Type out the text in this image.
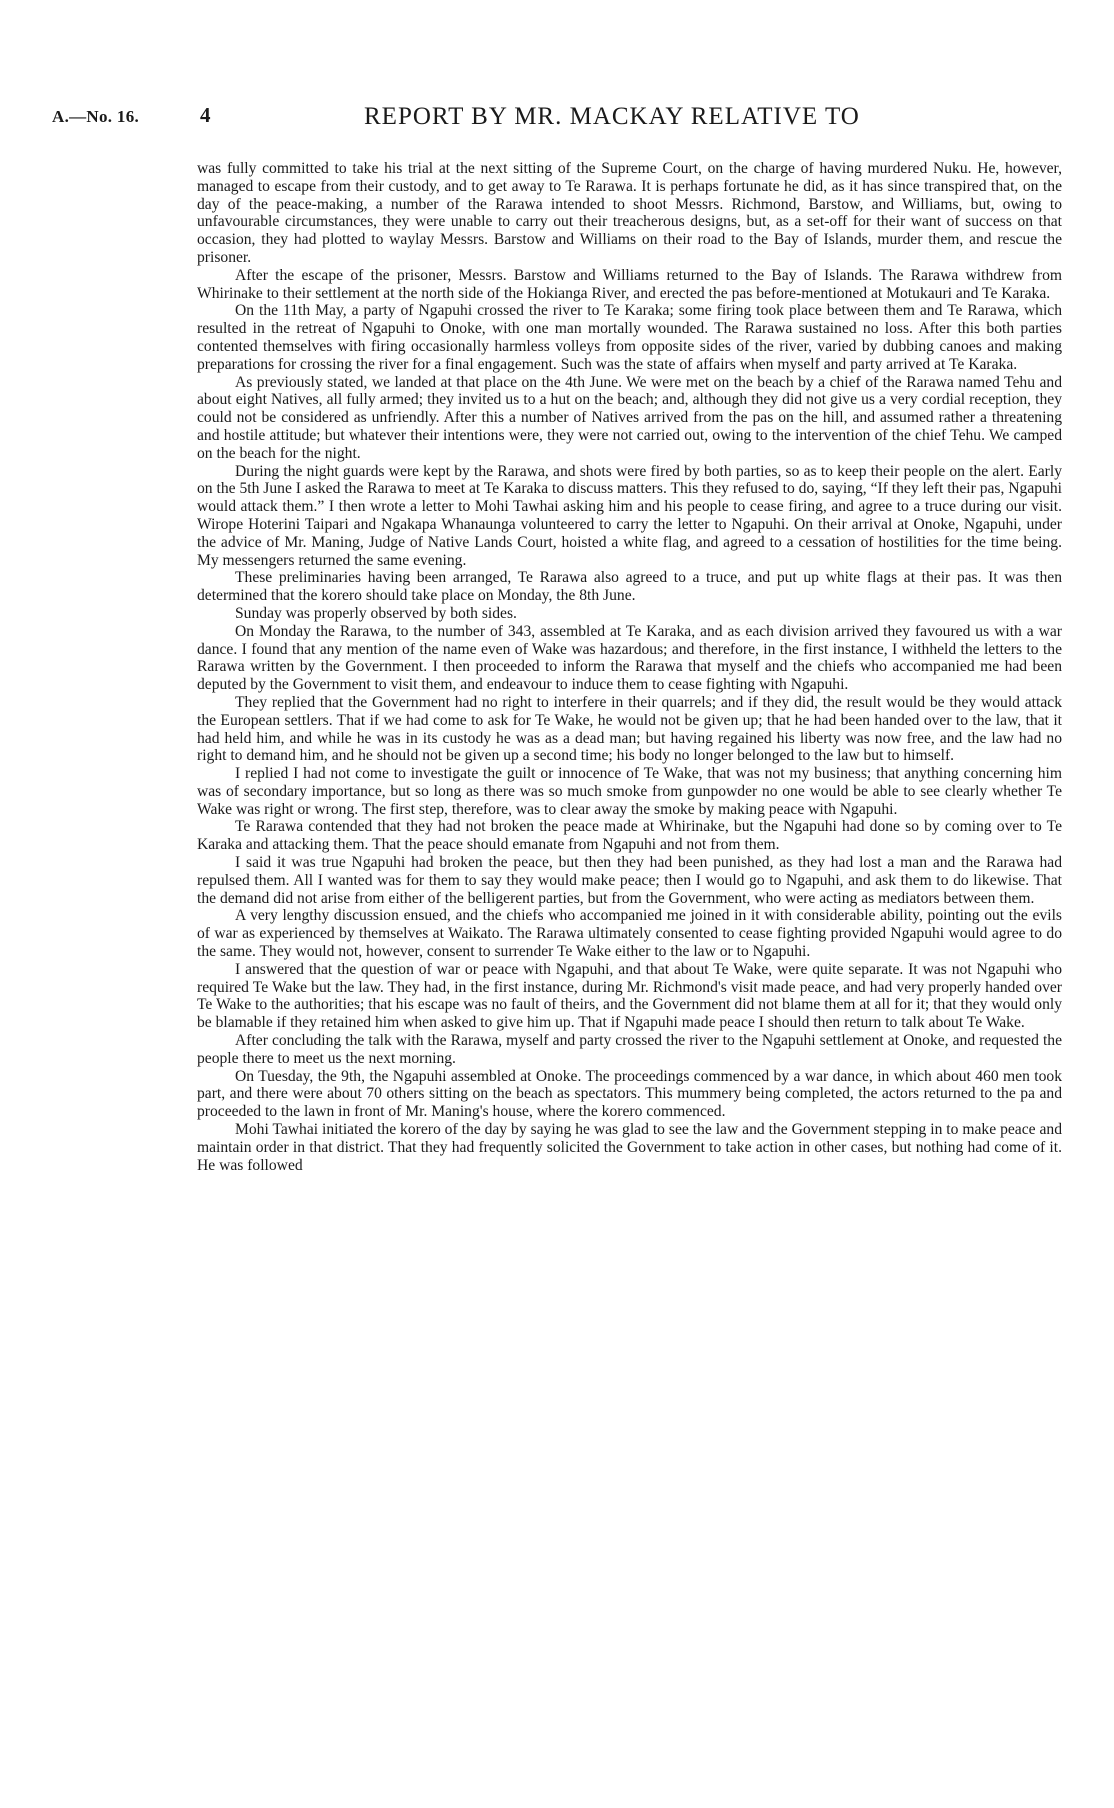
A.—No. 16.	4	REPORT BY MR. MACKAY RELATIVE TO

was fully committed to take his trial at the next sitting of the Supreme Court, on the charge of having murdered Nuku. He, however, managed to escape from their custody, and to get away to Te Rarawa. It is perhaps fortunate he did, as it has since transpired that, on the day of the peace-making, a number of the Rarawa intended to shoot Messrs. Richmond, Barstow, and Williams, but, owing to unfavourable circumstances, they were unable to carry out their treacherous designs, but, as a set-off for their want of success on that occasion, they had plotted to waylay Messrs. Barstow and Williams on their road to the Bay of Islands, murder them, and rescue the prisoner.

After the escape of the prisoner, Messrs. Barstow and Williams returned to the Bay of Islands. The Rarawa withdrew from Whirinake to their settlement at the north side of the Hokianga River, and erected the pas before-mentioned at Motukauri and Te Karaka.

On the 11th May, a party of Ngapuhi crossed the river to Te Karaka; some firing took place between them and Te Rarawa, which resulted in the retreat of Ngapuhi to Onoke, with one man mortally wounded. The Rarawa sustained no loss. After this both parties contented themselves with firing occasionally harmless volleys from opposite sides of the river, varied by dubbing canoes and making preparations for crossing the river for a final engagement. Such was the state of affairs when myself and party arrived at Te Karaka.

As previously stated, we landed at that place on the 4th June. We were met on the beach by a chief of the Rarawa named Tehu and about eight Natives, all fully armed; they invited us to a hut on the beach; and, although they did not give us a very cordial reception, they could not be considered as unfriendly. After this a number of Natives arrived from the pas on the hill, and assumed rather a threatening and hostile attitude; but whatever their intentions were, they were not carried out, owing to the intervention of the chief Tehu. We camped on the beach for the night.

During the night guards were kept by the Rarawa, and shots were fired by both parties, so as to keep their people on the alert. Early on the 5th June I asked the Rarawa to meet at Te Karaka to discuss matters. This they refused to do, saying, “If they left their pas, Ngapuhi would attack them.” I then wrote a letter to Mohi Tawhai asking him and his people to cease firing, and agree to a truce during our visit. Wirope Hoterini Taipari and Ngakapa Whanaunga volunteered to carry the letter to Ngapuhi. On their arrival at Onoke, Ngapuhi, under the advice of Mr. Maning, Judge of Native Lands Court, hoisted a white flag, and agreed to a cessation of hostilities for the time being. My messengers returned the same evening.

These preliminaries having been arranged, Te Rarawa also agreed to a truce, and put up white flags at their pas. It was then determined that the korero should take place on Monday, the 8th June.

Sunday was properly observed by both sides.

On Monday the Rarawa, to the number of 343, assembled at Te Karaka, and as each division arrived they favoured us with a war dance. I found that any mention of the name even of Wake was hazardous; and therefore, in the first instance, I withheld the letters to the Rarawa written by the Government. I then proceeded to inform the Rarawa that myself and the chiefs who accompanied me had been deputed by the Government to visit them, and endeavour to induce them to cease fighting with Ngapuhi.

They replied that the Government had no right to interfere in their quarrels; and if they did, the result would be they would attack the European settlers. That if we had come to ask for Te Wake, he would not be given up; that he had been handed over to the law, that it had held him, and while he was in its custody he was as a dead man; but having regained his liberty was now free, and the law had no right to demand him, and he should not be given up a second time; his body no longer belonged to the law but to himself.

I replied I had not come to investigate the guilt or innocence of Te Wake, that was not my business; that anything concerning him was of secondary importance, but so long as there was so much smoke from gunpowder no one would be able to see clearly whether Te Wake was right or wrong. The first step, therefore, was to clear away the smoke by making peace with Ngapuhi.

Te Rarawa contended that they had not broken the peace made at Whirinake, but the Ngapuhi had done so by coming over to Te Karaka and attacking them. That the peace should emanate from Ngapuhi and not from them.

I said it was true Ngapuhi had broken the peace, but then they had been punished, as they had lost a man and the Rarawa had repulsed them. All I wanted was for them to say they would make peace; then I would go to Ngapuhi, and ask them to do likewise. That the demand did not arise from either of the belligerent parties, but from the Government, who were acting as mediators between them.

A very lengthy discussion ensued, and the chiefs who accompanied me joined in it with considerable ability, pointing out the evils of war as experienced by themselves at Waikato. The Rarawa ultimately consented to cease fighting provided Ngapuhi would agree to do the same. They would not, however, consent to surrender Te Wake either to the law or to Ngapuhi.

I answered that the question of war or peace with Ngapuhi, and that about Te Wake, were quite separate. It was not Ngapuhi who required Te Wake but the law. They had, in the first instance, during Mr. Richmond's visit made peace, and had very properly handed over Te Wake to the authorities; that his escape was no fault of theirs, and the Government did not blame them at all for it; that they would only be blamable if they retained him when asked to give him up. That if Ngapuhi made peace I should then return to talk about Te Wake.

After concluding the talk with the Rarawa, myself and party crossed the river to the Ngapuhi settlement at Onoke, and requested the people there to meet us the next morning.

On Tuesday, the 9th, the Ngapuhi assembled at Onoke. The proceedings commenced by a war dance, in which about 460 men took part, and there were about 70 others sitting on the beach as spectators. This mummery being completed, the actors returned to the pa and proceeded to the lawn in front of Mr. Maning's house, where the korero commenced.

Mohi Tawhai initiated the korero of the day by saying he was glad to see the law and the Government stepping in to make peace and maintain order in that district. That they had frequently solicited the Government to take action in other cases, but nothing had come of it. He was followed
